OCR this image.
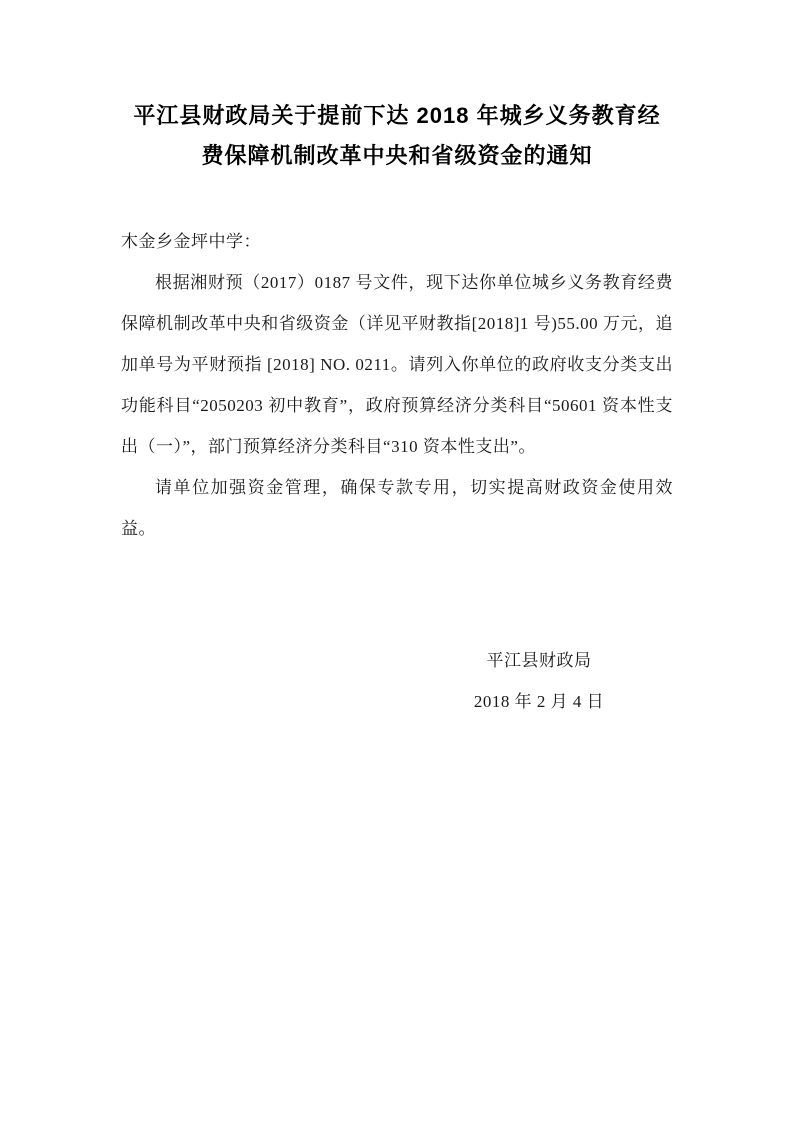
平江县财政局关于提前下达 2018 年城乡义务教育经
费保障机制改革中央和省级资金的通知

木金乡金坪中学：

根据湘财预（2017）0187 号文件，现下达你单位城乡义务教育经费保障机制改革中央和省级资金（详见平财教指[2018]1 号)55.00 万元，追加单号为平财预指 [2018] NO. 0211。请列入你单位的政府收支分类支出功能科目“2050203 初中教育”，政府预算经济分类科目“50601 资本性支出（一）”，部门预算经济分类科目“310 资本性支出”。

请单位加强资金管理，确保专款专用，切实提高财政资金使用效益。

平江县财政局
2018 年 2 月 4 日
